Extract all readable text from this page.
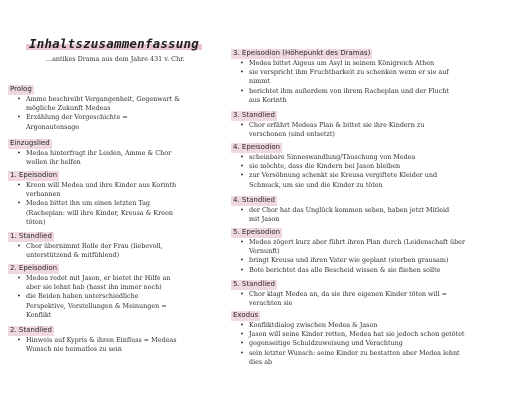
Inhaltszusammenfassung
...antikes Drama aus dem Jahre 431 v. Chr.
Prolog
• Amme beschreibt Vergangenheit, Gegenwart &
mögliche Zukunft Medeas
• Erzählung der Vorgeschichte =
Argonautensage
Einzugslied
• Medea hinterfragt ihr Leiden, Amme & Chor
wollen ihr helfen
1. Epeisodion
• Kreon will Medea und ihre Kinder aus Korinth
verbannen
• Medea bittet ihn um einen letzten Tag
(Racheplan: will ihre Kinder, Kreusa & Kreon
töten)
1. Standlied
• Chor übernimmt Rolle der Frau (liebevoll,
unterstützend & mitfühlend)
2. Epeisodion
• Medea redet mit Jason, er bietet ihr Hilfe an
aber sie lehnt hab (hasst ihn immer noch)
• die Beiden haben unterschiedliche
Perspektive, Vorstellungen & Meinungen =
Konflikt
2. Standlied
• Hinweis auf Kypris & ihren Einfluss = Medeas
Wunsch nie heimatlos zu sein
3. Epeisodion (Höhepunkt des Dramas)
• Medea bittet Aigeus um Asyl in seinem Königreich Athen
• sie verspricht ihm Fruchtbarkeit zu schenken wenn er sie auf
nimmt
• berichtet ihm außerdem von ihrem Racheplan und der Flucht
aus Korinth
3. Standlied
• Chor erfährt Medeas Plan & bittet sie ihre Kindern zu
verschonen (sind entsetzt)
4. Epeisodion
• scheinbare Sinneswandlung/Täuschung von Medea
• sie möchte, dass die Kindern bei Jason bleiben
• zur Versöhnung schenkt sie Kreusa vergiftete Kleider und
Schmuck, um sie und die Kinder zu töten
4. Standlied
• der Chor hat das Unglück kommen sehen, haben jetzt Mitleid
mit Jason
5. Epeisodion
• Medea zögert kurz aber führt ihren Plan durch (Leidenschaft über
Vernunft)
• bringt Kreusa und ihren Vater wie geplant (sterben grausam)
• Bote berichtet das alle Bescheid wissen & sie fliehen sollte
5. Standlied
• Chor klagt Medea an, da sie ihre eigenen Kinder töten will =
verachten sie
Exodus
• Konfliktdialog zwischen Medea & Jason
• Jason will seine Kinder retten, Medea hat sie jedoch schon getötet
• gegenseitige Schuldzuweisung und Verachtung
• sein letzter Wunsch: seine Kinder zu bestatten aber Medea lehnt
dies ab
